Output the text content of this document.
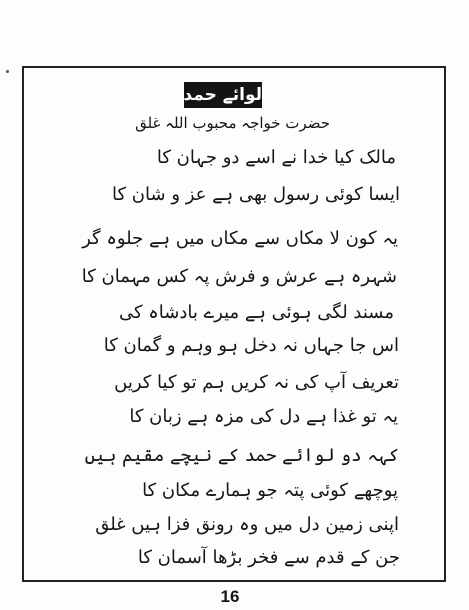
لوائے حمد
حضرت خواجہ محبوب اللہ غلق
مالک کیا خدا نے اسے دو جہان کا
ایسا کوئی رسول بھی ہے عز و شان کا
یہ کون لا مکاں سے مکاں میں ہے جلوہ گر
شہرہ ہے عرش و فرش پہ کس مہمان کا
مسند لگی ہوئی ہے میرے بادشاہ کی
اس جا جہاں نہ دخل ہو وہم و گمان کا
تعریف آپ کی نہ کریں ہم تو کیا کریں
یہ تو غذا ہے دل کی مزہ ہے زبان کا
کہہ دو لوائے حمد کے نیچے مقیم ہیں
پوچھے کوئی پتہ جو ہمارے مکان کا
اپنی زمین دل میں وہ رونق فزا ہیں غلق
جن کے قدم سے فخر بڑھا آسمان کا
16
